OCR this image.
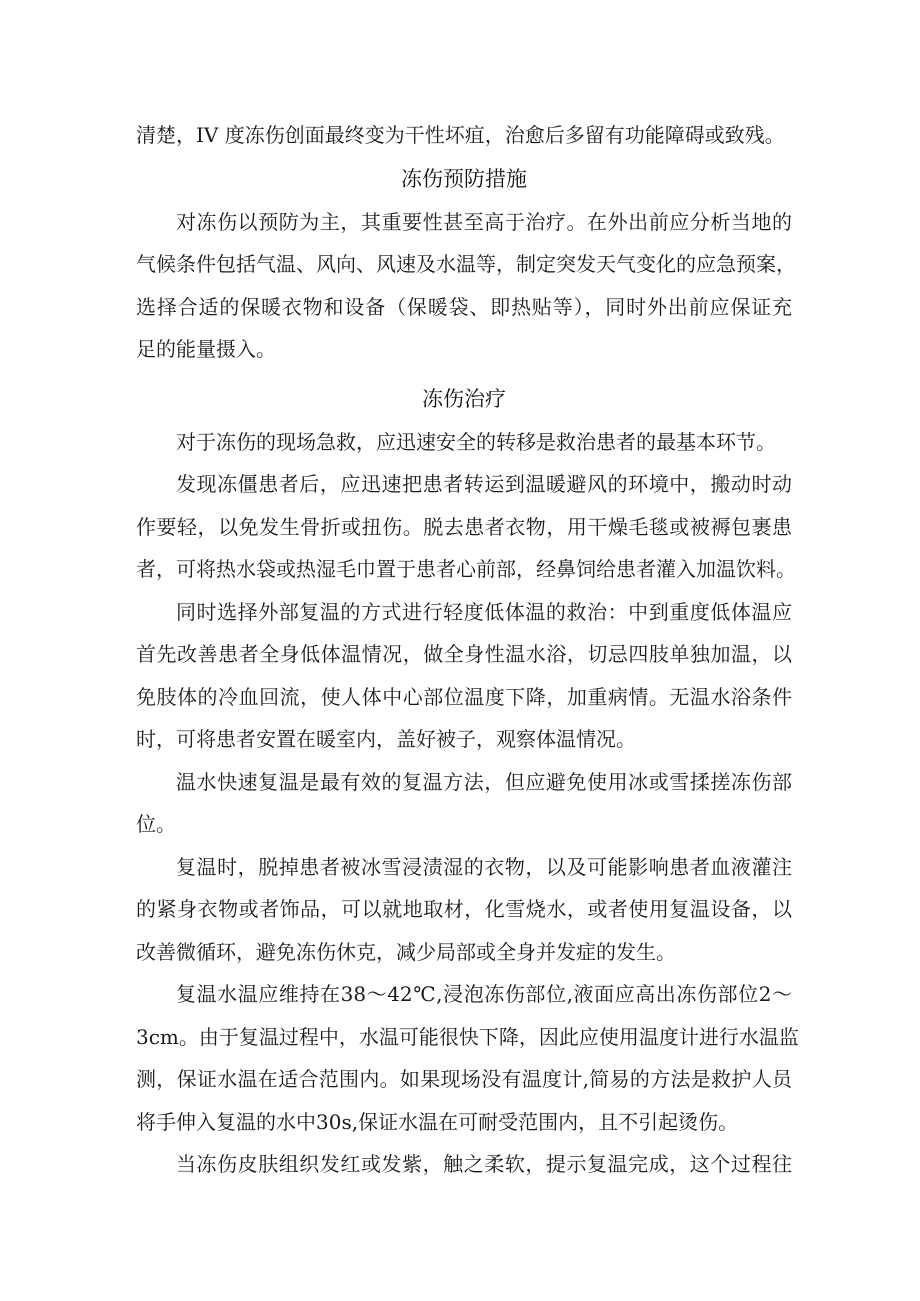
清楚，IV 度冻伤创面最终变为干性坏疽，治愈后多留有功能障碍或致残。
冻伤预防措施
对冻伤以预防为主，其重要性甚至高于治疗。在外出前应分析当地的
气候条件包括气温、风向、风速及水温等，制定突发天气变化的应急预案，
选择合适的保暖衣物和设备（保暖袋、即热贴等），同时外出前应保证充
足的能量摄入。
冻伤治疗
对于冻伤的现场急救，应迅速安全的转移是救治患者的最基本环节。
发现冻僵患者后，应迅速把患者转运到温暖避风的环境中，搬动时动
作要轻，以免发生骨折或扭伤。脱去患者衣物，用干燥毛毯或被褥包裹患
者，可将热水袋或热湿毛巾置于患者心前部，经鼻饲给患者灌入加温饮料。
同时选择外部复温的方式进行轻度低体温的救治：中到重度低体温应
首先改善患者全身低体温情况，做全身性温水浴，切忌四肢单独加温，以
免肢体的冷血回流，使人体中心部位温度下降，加重病情。无温水浴条件
时，可将患者安置在暖室内，盖好被子，观察体温情况。
温水快速复温是最有效的复温方法，但应避免使用冰或雪揉搓冻伤部
位。
复温时，脱掉患者被冰雪浸渍湿的衣物，以及可能影响患者血液灌注
的紧身衣物或者饰品，可以就地取材，化雪烧水，或者使用复温设备，以
改善微循环，避免冻伤休克，减少局部或全身并发症的发生。
复温水温应维持在38～42℃,浸泡冻伤部位,液面应高出冻伤部位2～
3cm。由于复温过程中，水温可能很快下降，因此应使用温度计进行水温监
测，保证水温在适合范围内。如果现场没有温度计,简易的方法是救护人员
将手伸入复温的水中30s,保证水温在可耐受范围内，且不引起烫伤。
当冻伤皮肤组织发红或发紫，触之柔软，提示复温完成，这个过程往
